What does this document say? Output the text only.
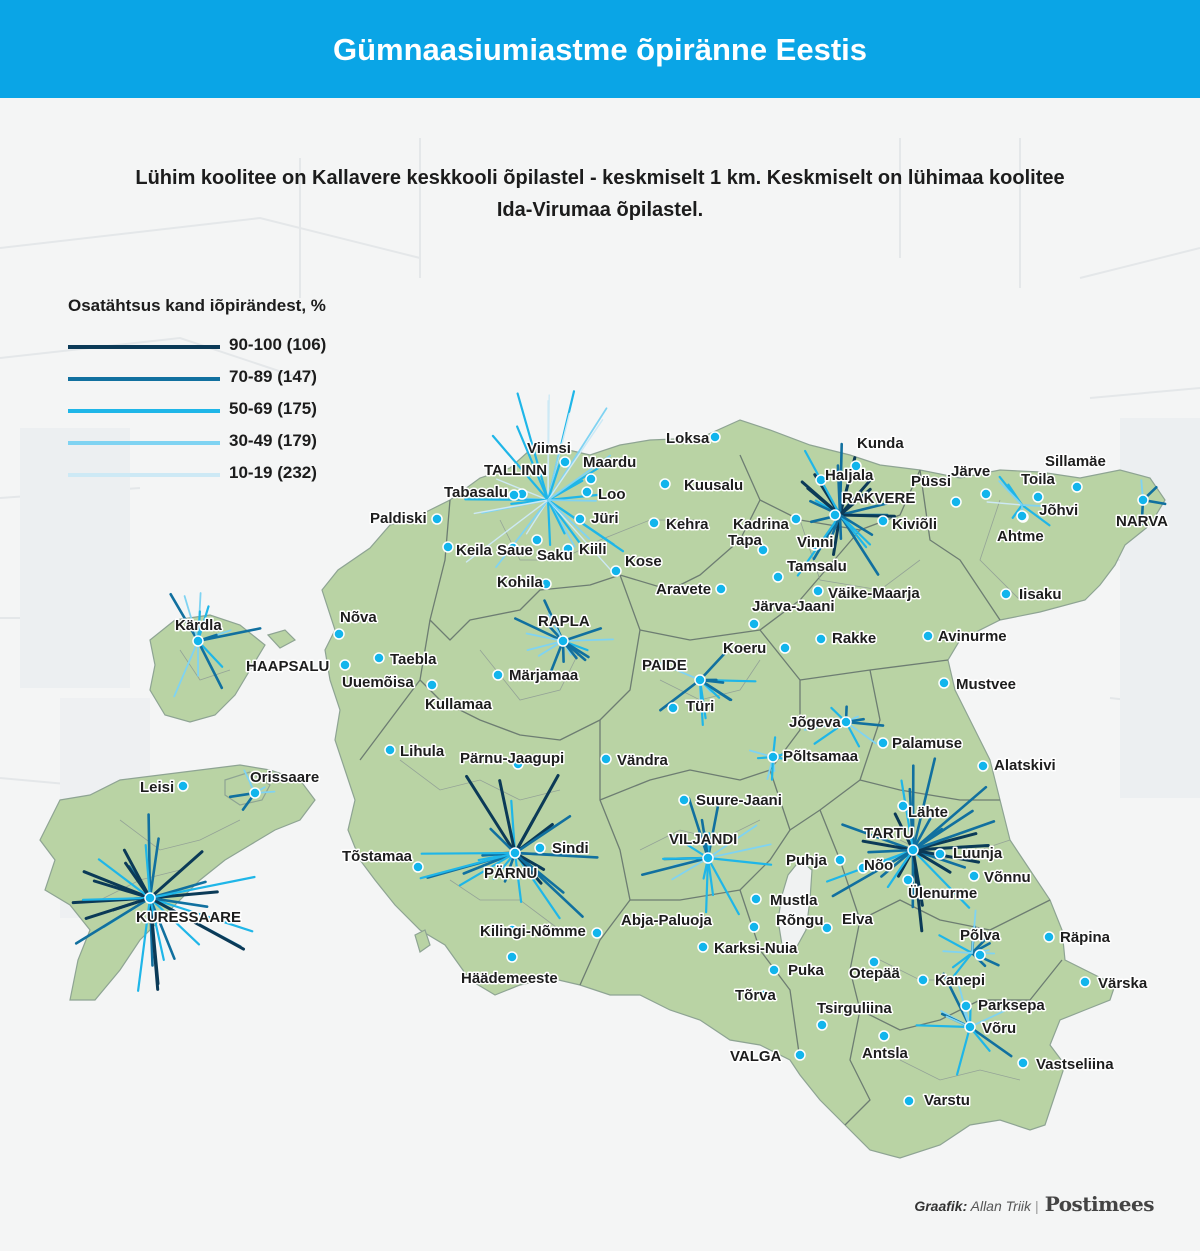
Gümnaasiumiastme õpiränne Eestis
Lühim koolitee on Kallavere keskkooli õpilastel - keskmiselt 1 km. Keskmiselt on lühimaa koolitee
Ida-Virumaa õpilastel.
Osatähtsus kand iõpirändest, %
90-100 (106)
70-89 (147)
50-69 (175)
30-49 (179)
10-19 (232)
Viimsi
Maardu
TALLINN
Tabasalu	Loo
Loksa
Kuusalu
Kunda
Haljala	Järve
Sillamäe
Toila
Püssi
RAKVERE
Jõhvi
NARVA
Kadrina	Kiviõli
Ahtme
Paldiski	Jüri	Kehra
Tapa Vinni
Keila Saue Saku Kiili
Kose	Tamsalu
Kohila	Aravete	Väike-Maarja	Iisaku
Järva-Jaani
Nõva	RAPLA
Kärdla
Rakke	Avinurme
Koeru
Taebla
HAAPSALU	PAIDE
Uuemõisa	Märjamaa
Mustvee
Kullamaa	Türi
Jõgeva
Palamuse
Lihula	Põltsamaa
Pärnu-Jaagupi	Vändra	Alatskivi
Orissaare
Leisi
Suure-Jaani
Lähte
TARTU
VILJANDI
Sindi	Luunja
Tõstamaa	Puhja Nõo
PÄRNU	Võnnu
Ülenurme
KURESSAARE
Mustla
Abja-Paluoja	Rõngu Elva
Põlva
Kilingi-Nõmme	Räpina
Karksi-Nuia
Kanepi
Puka Otepää
Häädemeeste	Värska
Tõrva
Parksepa
Tsirguliina
Võru
VALGA	Antsla
Vastseliina
Varstu
Graafik: Allan Triik | Postimees
